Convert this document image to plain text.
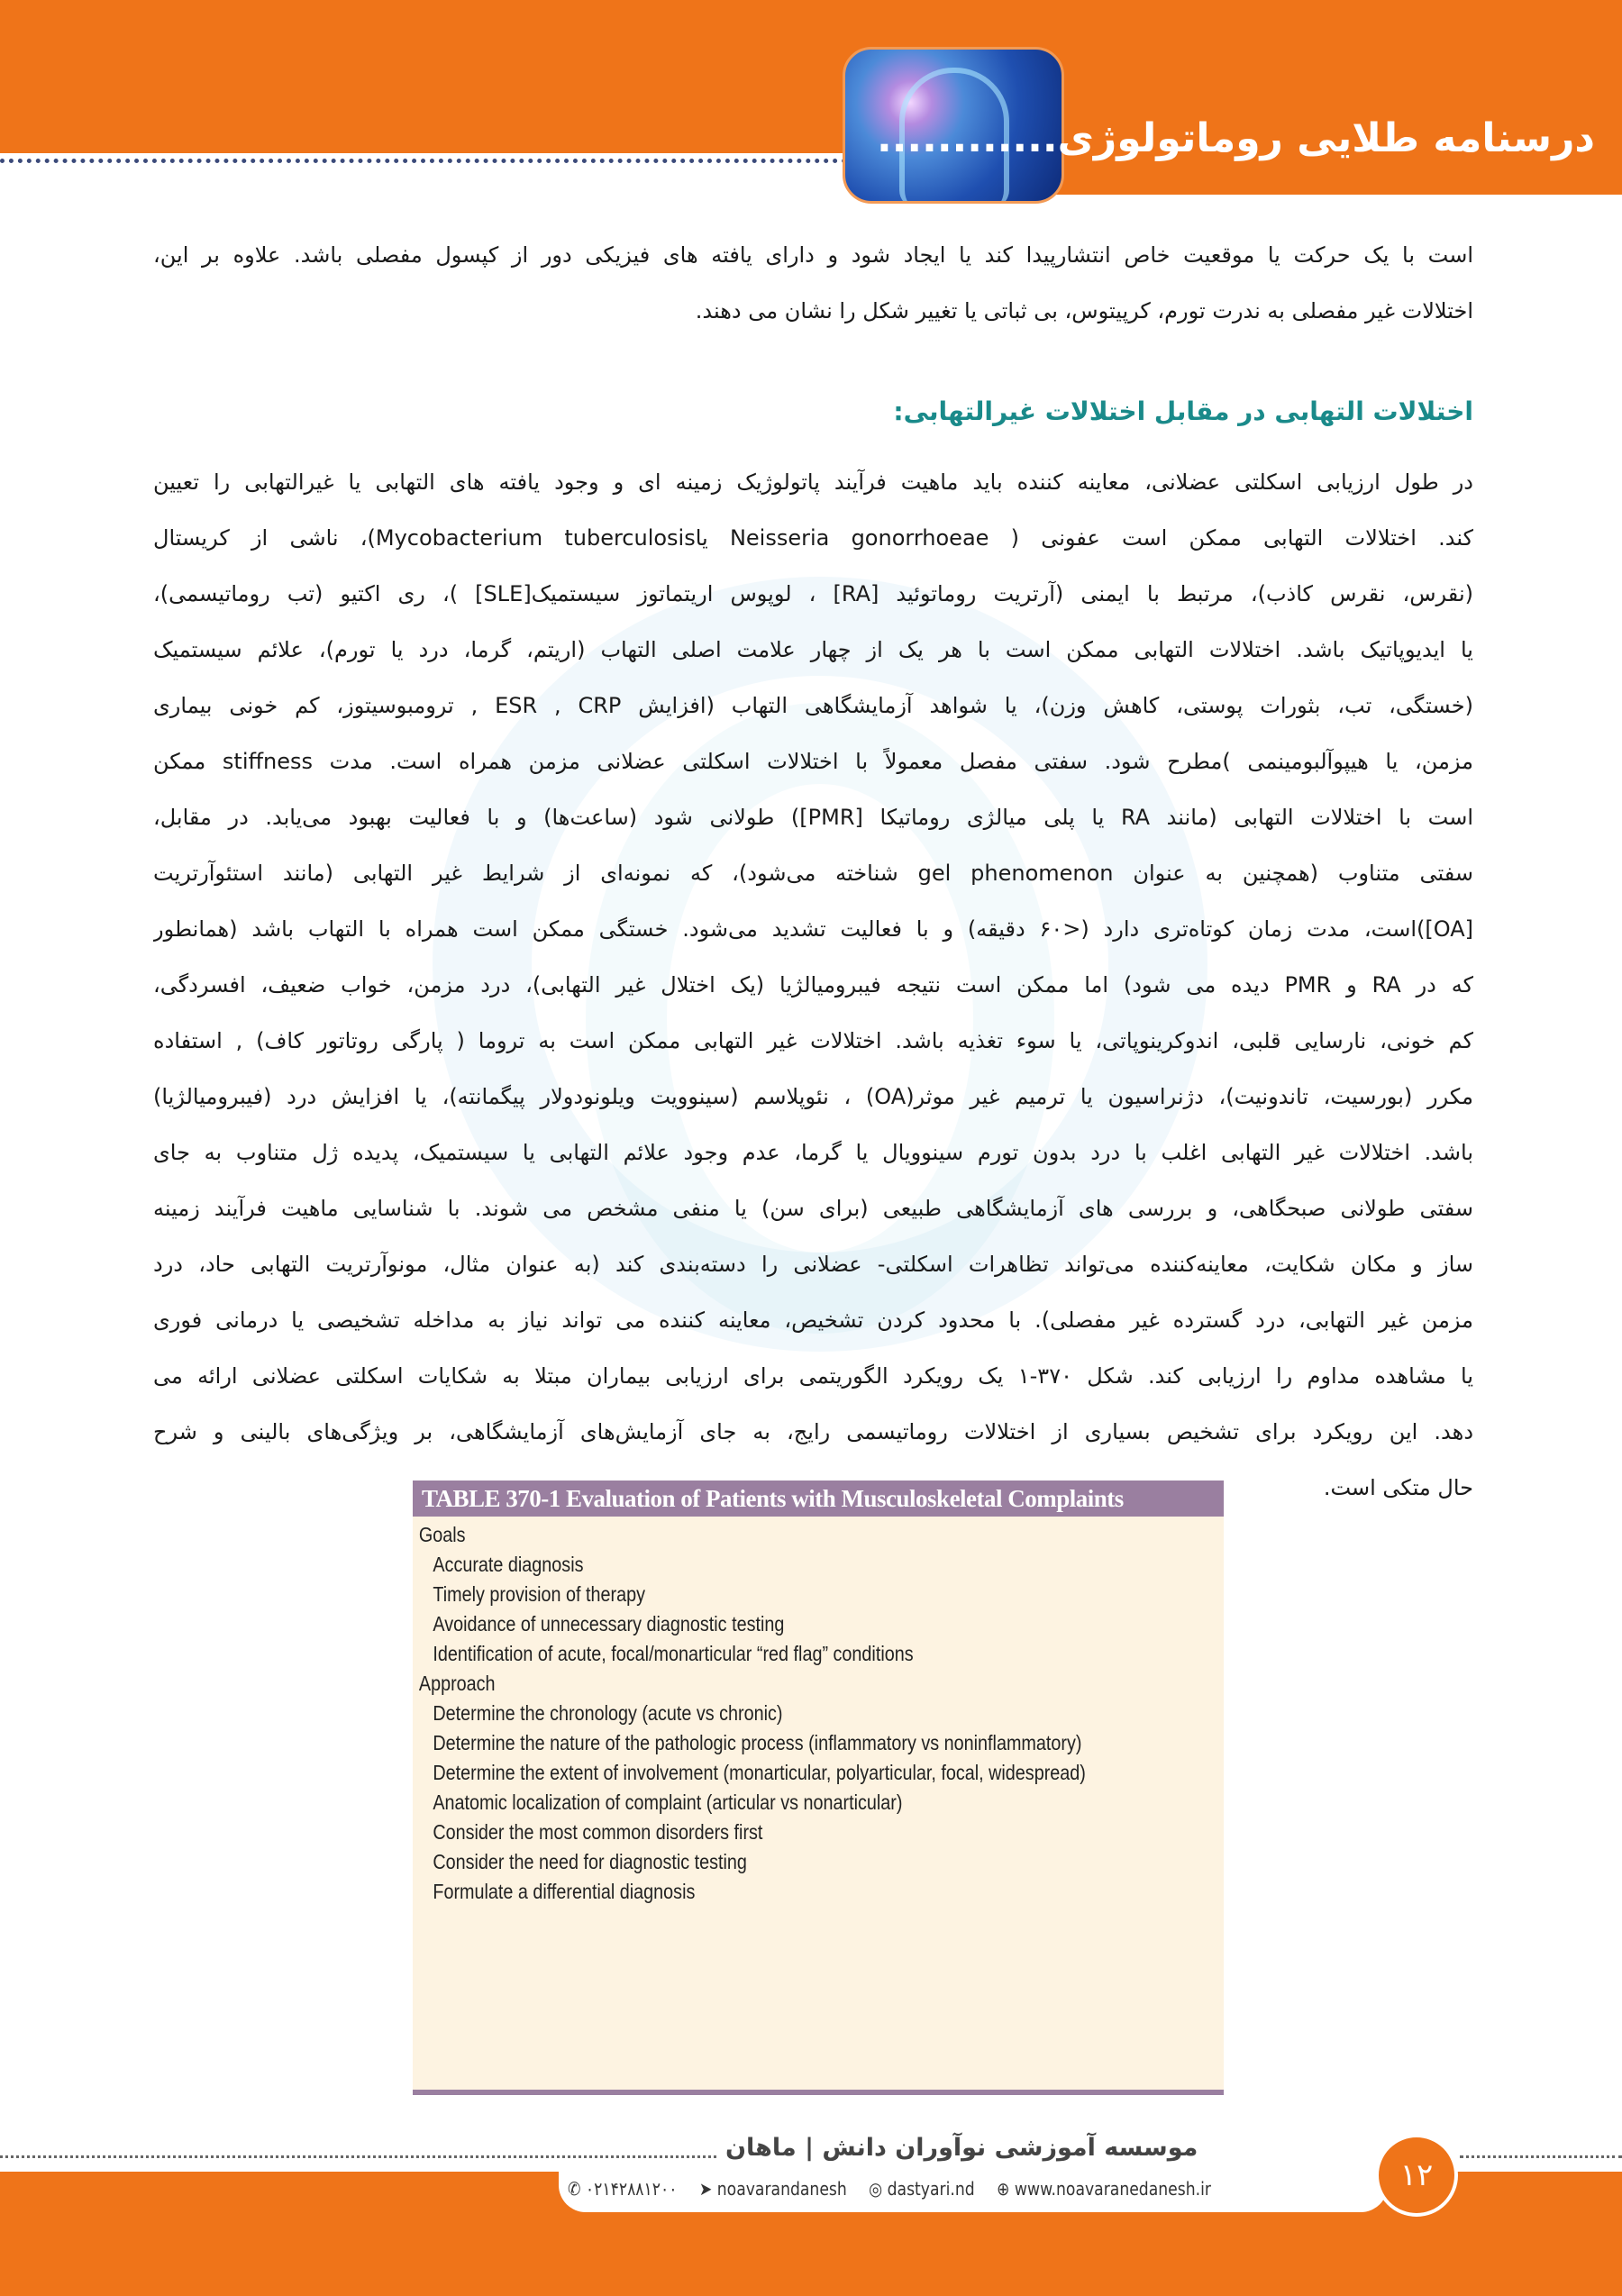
درسنامه طلایی روماتولوژی............
است با یک حرکت یا موقعیت خاص انتشارپیدا کند یا ایجاد شود و دارای یافته های فیزیکی دور از کپسول مفصلی باشد. علاوه بر این،
اختلالات غیر مفصلی به ندرت تورم، کرپیتوس، بی ثباتی یا تغییر شکل را نشان می دهند.
اختلالات التهابی در مقابل اختلالات غیرالتهابی:
در طول ارزیابی اسکلتی عضلانی، معاینه کننده باید ماهیت فرآیند پاتولوژیک زمینه ای و وجود یافته های التهابی یا غیرالتهابی را تعیین
کند. اختلالات التهابی ممکن است عفونی ( Neisseria gonorrhoeae یاMycobacterium tuberculosis)، ناشی از کریستال
(نقرس، نقرس کاذب)، مرتبط با ایمنی (آرتریت روماتوئید [RA] ، لوپوس اریتماتوز سیستمیک[SLE] )، ری اکتیو (تب روماتیسمی)،
یا ایدیوپاتیک باشد. اختلالات التهابی ممکن است با هر یک از چهار علامت اصلی التهاب (اریتم، گرما، درد یا تورم)، علائم سیستمیک
(خستگی، تب، بثورات پوستی، کاهش وزن)، یا شواهد آزمایشگاهی التهاب (افزایش ESR , CRP , ترومبوسیتوز، کم خونی بیماری
مزمن، یا هیپوآلبومینمی )مطرح شود. سفتی مفصل معمولاً با اختلالات اسکلتی عضلانی مزمن همراه است. مدت stiffness ممکن
است با اختلالات التهابی (مانند RA یا پلی میالژی روماتیکا [PMR]) طولانی شود (ساعت‌ها) و با فعالیت بهبود می‌یابد. در مقابل،
سفتی متناوب (همچنین به عنوان gel phenomenon شناخته می‌شود)، که نمونه‌ای از شرایط غیر التهابی (مانند استئوآرتریت
[OA])است، مدت زمان کوتاه‌تری دارد (<۶۰ دقیقه) و با فعالیت تشدید می‌شود. خستگی ممکن است همراه با التهاب باشد (همانطور
که در RA و PMR دیده می شود) اما ممکن است نتیجه فیبرومیالژیا (یک اختلال غیر التهابی)، درد مزمن، خواب ضعیف، افسردگی،
کم خونی، نارسایی قلبی، اندوکرینوپاتی، یا سوء تغذیه باشد. اختلالات غیر التهابی ممکن است به تروما ( پارگی روتاتور کاف) , استفاده
مکرر (بورسیت، تاندونیت)، دژنراسیون یا ترمیم غیر موثر(OA) ، نئوپلاسم (سینوویت ویلونودولار پیگمانته)، یا افزایش درد (فیبرومیالژیا)
باشد. اختلالات غیر التهابی اغلب با درد بدون تورم سینوویال یا گرما، عدم وجود علائم التهابی یا سیستمیک، پدیده ژل متناوب به جای
سفتی طولانی صبحگاهی، و بررسی های آزمایشگاهی طبیعی (برای سن) یا منفی مشخص می شوند. با شناسایی ماهیت فرآیند زمینه
ساز و مکان شکایت، معاینه‌کننده می‌تواند تظاهرات اسکلتی- عضلانی را دسته‌بندی کند (به عنوان مثال، مونوآرتریت التهابی حاد، درد
مزمن غیر التهابی، درد گسترده غیر مفصلی). با محدود کردن تشخیص، معاینه کننده می تواند نیاز به مداخله تشخیصی یا درمانی فوری
یا مشاهده مداوم را ارزیابی کند. شکل ۳۷۰-۱ یک رویکرد الگوریتمی برای ارزیابی بیماران مبتلا به شکایات اسکلتی عضلانی ارائه می
دهد. این رویکرد برای تشخیص بسیاری از اختلالات روماتیسمی رایج، به جای آزمایش‌های آزمایشگاهی، بر ویژگی‌های بالینی و شرح
حال متکی است.
TABLE 370-1 Evaluation of Patients with Musculoskeletal Complaints
Goals
Accurate diagnosis
Timely provision of therapy
Avoidance of unnecessary diagnostic testing
Identification of acute, focal/monarticular “red flag” conditions
Approach
Determine the chronology (acute vs chronic)
Determine the nature of the pathologic process (inflammatory vs noninflammatory)
Determine the extent of involvement (monarticular, polyarticular, focal, widespread)
Anatomic localization of complaint (articular vs nonarticular)
Consider the most common disorders first
Consider the need for diagnostic testing
Formulate a differential diagnosis
موسسه آموزشی نوآوران دانش | ماهان
✆ ۰۲۱۴۲۸۸۱۲۰۰ ➤ noavarandanesh ◎ dastyari.nd ⊕ www.noavaranedanesh.ir	۱۲
